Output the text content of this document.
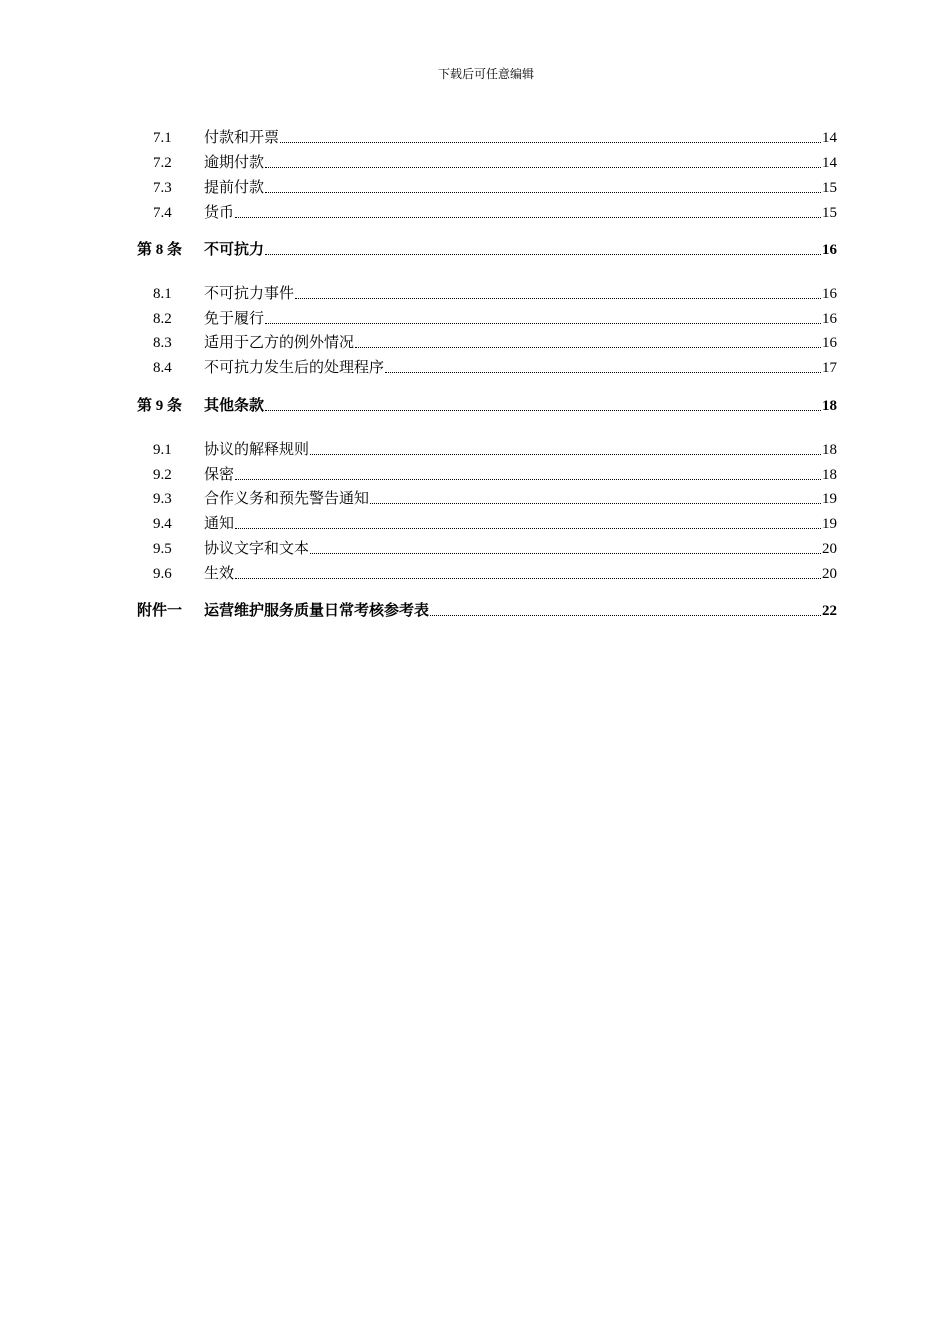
下载后可任意编辑
7.1	付款和开票	14
7.2	逾期付款	14
7.3	提前付款	15
7.4	货币	15
第 8 条	不可抗力	16
8.1	不可抗力事件	16
8.2	免于履行	16
8.3	适用于乙方的例外情况	16
8.4	不可抗力发生后的处理程序	17
第 9 条	其他条款	18
9.1	协议的解释规则	18
9.2	保密	18
9.3	合作义务和预先警告通知	19
9.4	通知	19
9.5	协议文字和文本	20
9.6	生效	20
附件一	运营维护服务质量日常考核参考表	22
